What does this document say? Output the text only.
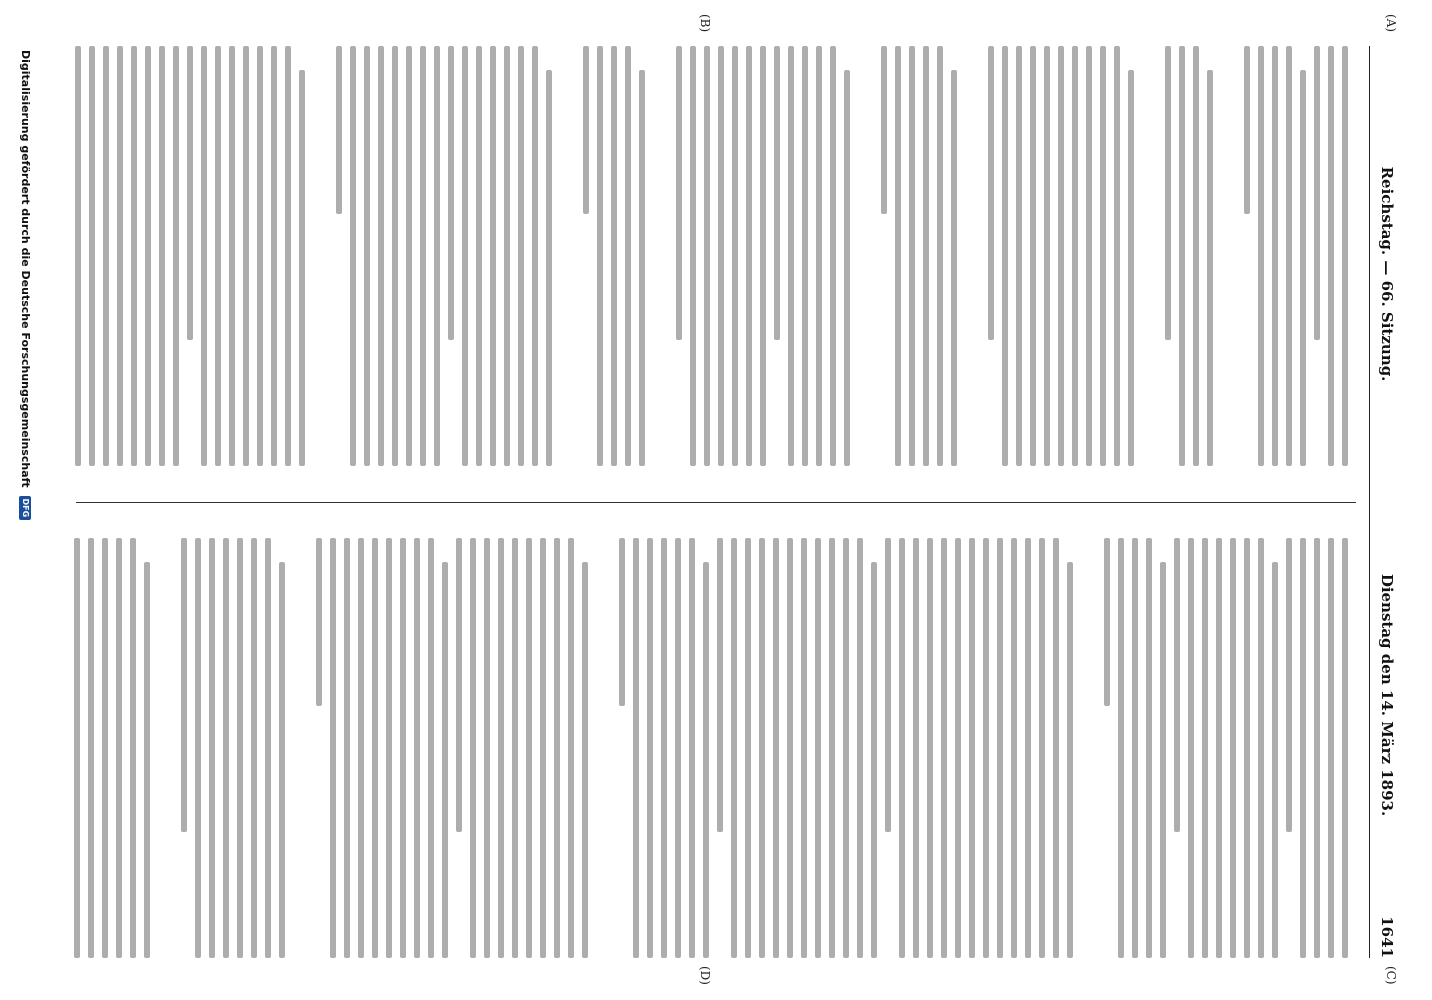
Reichstag. — 66. Sitzung.
Dienstag den 14. März 1893.
1641
(A)
(B)
(C)
(D)
Digitalisierung gefördert durch die Deutsche Forschungsgemeinschaft DFG
